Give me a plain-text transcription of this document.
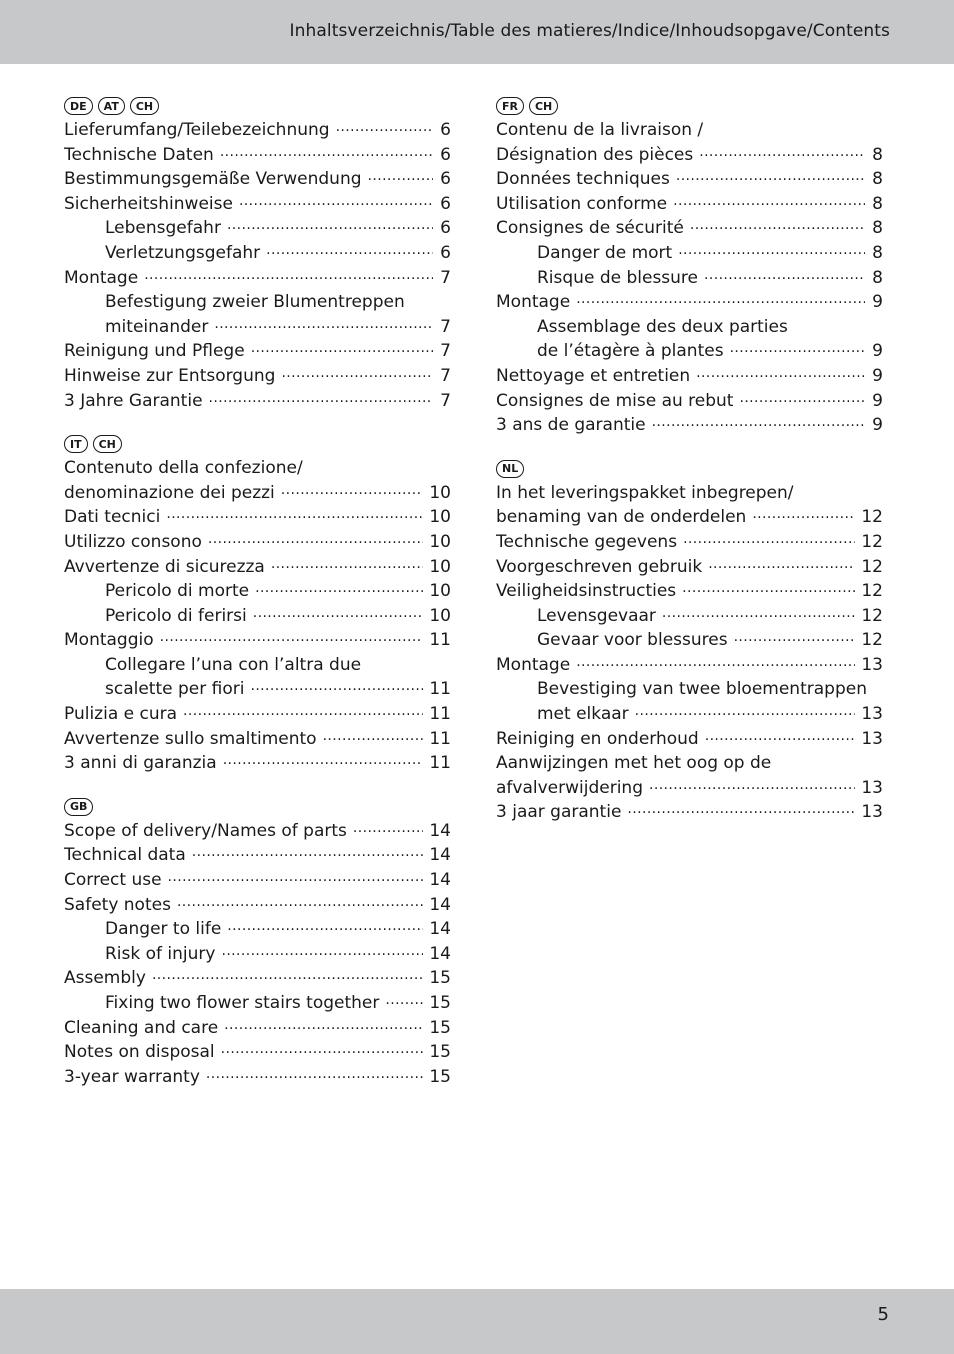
Inhaltsverzeichnis/Table des matieres/Indice/Inhoudsopgave/Contents
DE	AT	CH
Lieferumfang/Teilebezeichnung .....	6
Technische Daten .....	6
Bestimmungsgemäße Verwendung .....	6
Sicherheitshinweise .....	6
Lebensgefahr .....	6
Verletzungsgefahr .....	6
Montage .....	7
Befestigung zweier Blumentreppen
miteinander .....	7
Reinigung und Pflege .....	7
Hinweise zur Entsorgung .....	7
3 Jahre Garantie .....	7
IT	CH
Contenuto della confezione/
denominazione dei pezzi .....	10
Dati tecnici .....	10
Utilizzo consono .....	10
Avvertenze di sicurezza .....	10
Pericolo di morte .....	10
Pericolo di ferirsi .....	10
Montaggio .....	11
Collegare l’una con l’altra due
scalette per fiori .....	11
Pulizia e cura .....	11
Avvertenze sullo smaltimento .....	11
3 anni di garanzia .....	11
GB
Scope of delivery/Names of parts .....	14
Technical data .....	14
Correct use .....	14
Safety notes .....	14
Danger to life .....	14
Risk of injury .....	14
Assembly .....	15
Fixing two flower stairs together .....	15
Cleaning and care .....	15
Notes on disposal .....	15
3-year warranty .....	15
FR	CH
Contenu de la livraison /
Désignation des pièces .....	8
Données techniques .....	8
Utilisation conforme .....	8
Consignes de sécurité .....	8
Danger de mort .....	8
Risque de blessure .....	8
Montage .....	9
Assemblage des deux parties
de l’étagère à plantes .....	9
Nettoyage et entretien .....	9
Consignes de mise au rebut .....	9
3 ans de garantie .....	9
NL
In het leveringspakket inbegrepen/
benaming van de onderdelen .....	12
Technische gegevens .....	12
Voorgeschreven gebruik .....	12
Veiligheidsinstructies .....	12
Levensgevaar .....	12
Gevaar voor blessures .....	12
Montage .....	13
Bevestiging van twee bloementrappen
met elkaar .....	13
Reiniging en onderhoud .....	13
Aanwijzingen met het oog op de
afvalverwijdering .....	13
3 jaar garantie .....	13
5
